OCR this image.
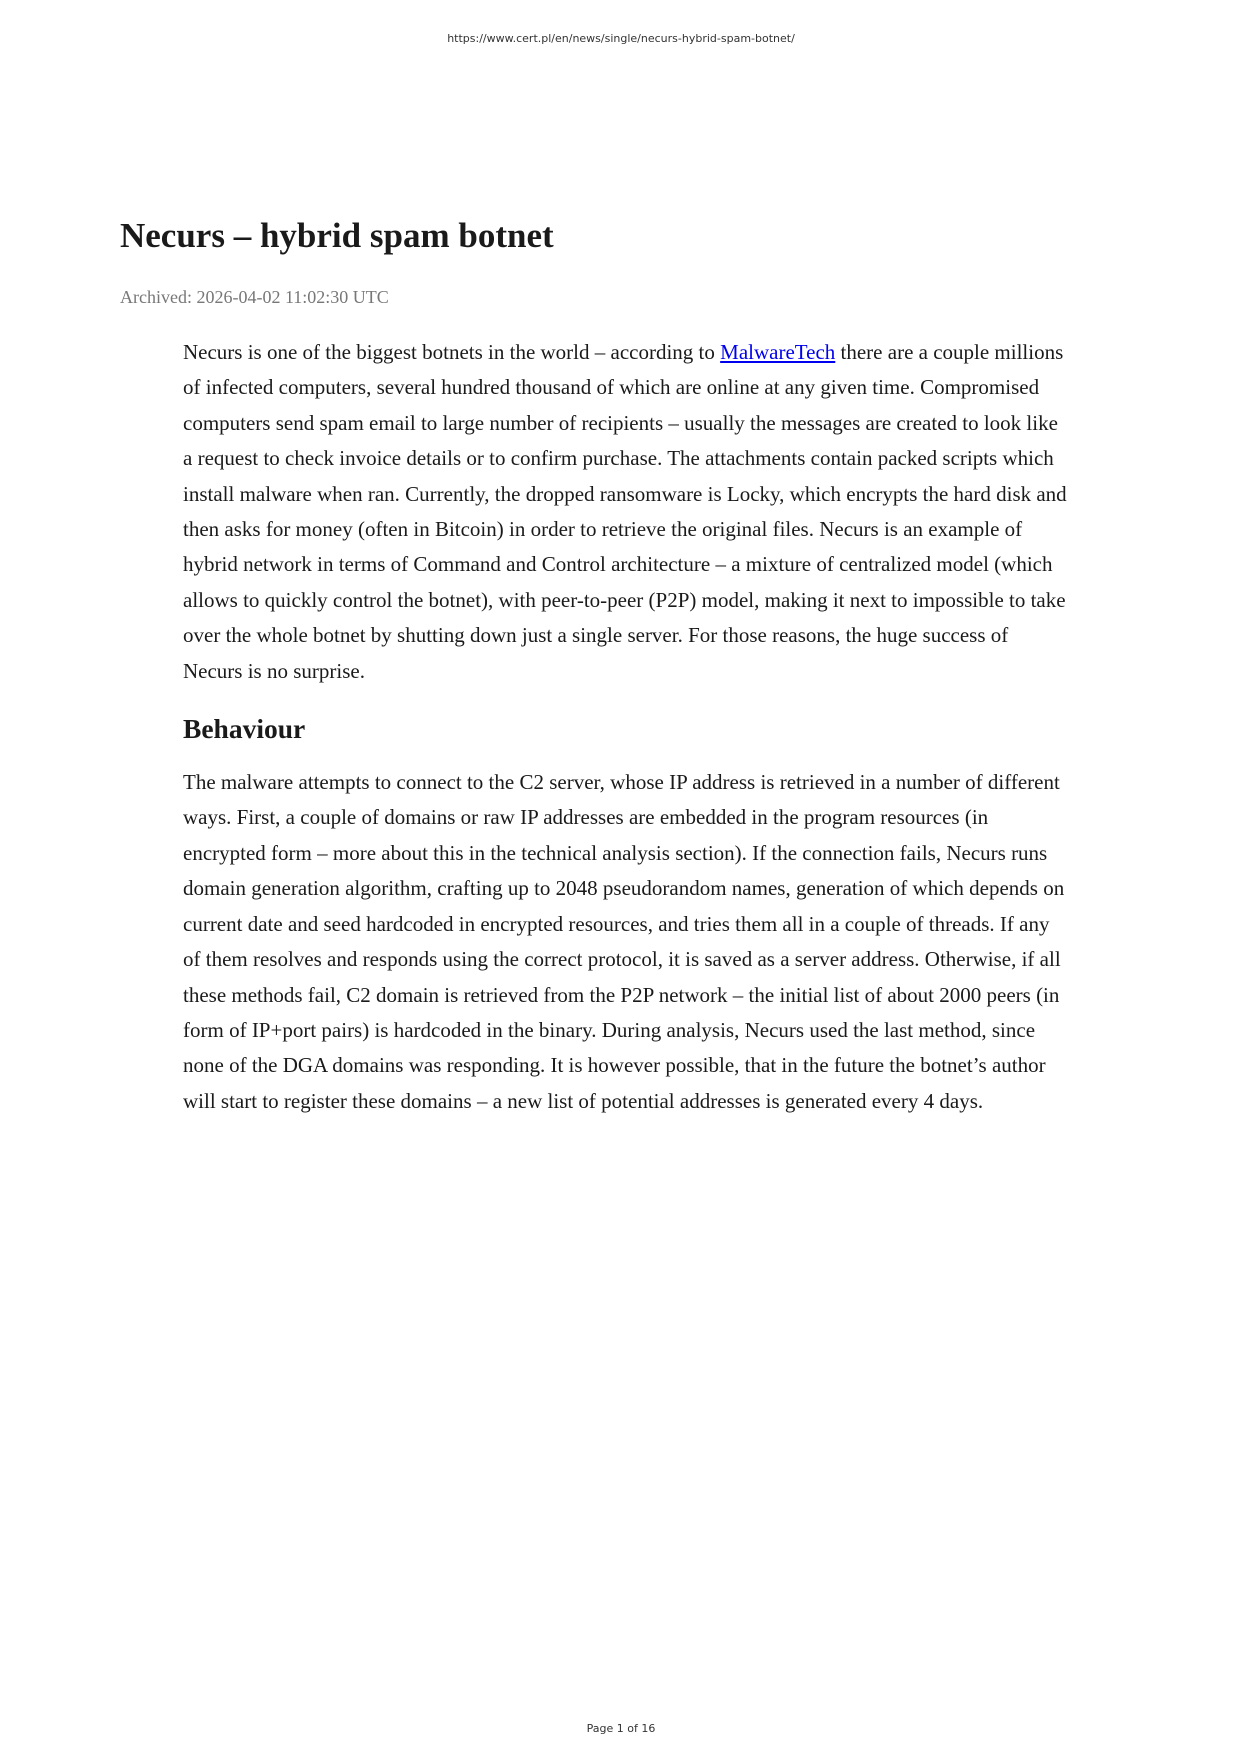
https://www.cert.pl/en/news/single/necurs-hybrid-spam-botnet/
Necurs – hybrid spam botnet
Archived: 2026-04-02 11:02:30 UTC

Necurs is one of the biggest botnets in the world – according to MalwareTech there are a couple millions of infected computers, several hundred thousand of which are online at any given time. Compromised computers send spam email to large number of recipients – usually the messages are created to look like a request to check invoice details or to confirm purchase. The attachments contain packed scripts which install malware when ran. Currently, the dropped ransomware is Locky, which encrypts the hard disk and then asks for money (often in Bitcoin) in order to retrieve the original files. Necurs is an example of hybrid network in terms of Command and Control architecture – a mixture of centralized model (which allows to quickly control the botnet), with peer-to-peer (P2P) model, making it next to impossible to take over the whole botnet by shutting down just a single server. For those reasons, the huge success of Necurs is no surprise.

Behaviour

The malware attempts to connect to the C2 server, whose IP address is retrieved in a number of different ways. First, a couple of domains or raw IP addresses are embedded in the program resources (in encrypted form – more about this in the technical analysis section). If the connection fails, Necurs runs domain generation algorithm, crafting up to 2048 pseudorandom names, generation of which depends on current date and seed hardcoded in encrypted resources, and tries them all in a couple of threads. If any of them resolves and responds using the correct protocol, it is saved as a server address. Otherwise, if all these methods fail, C2 domain is retrieved from the P2P network – the initial list of about 2000 peers (in form of IP+port pairs) is hardcoded in the binary. During analysis, Necurs used the last method, since none of the DGA domains was responding. It is however possible, that in the future the botnet’s author will start to register these domains – a new list of potential addresses is generated every 4 days.

Page 1 of 16
